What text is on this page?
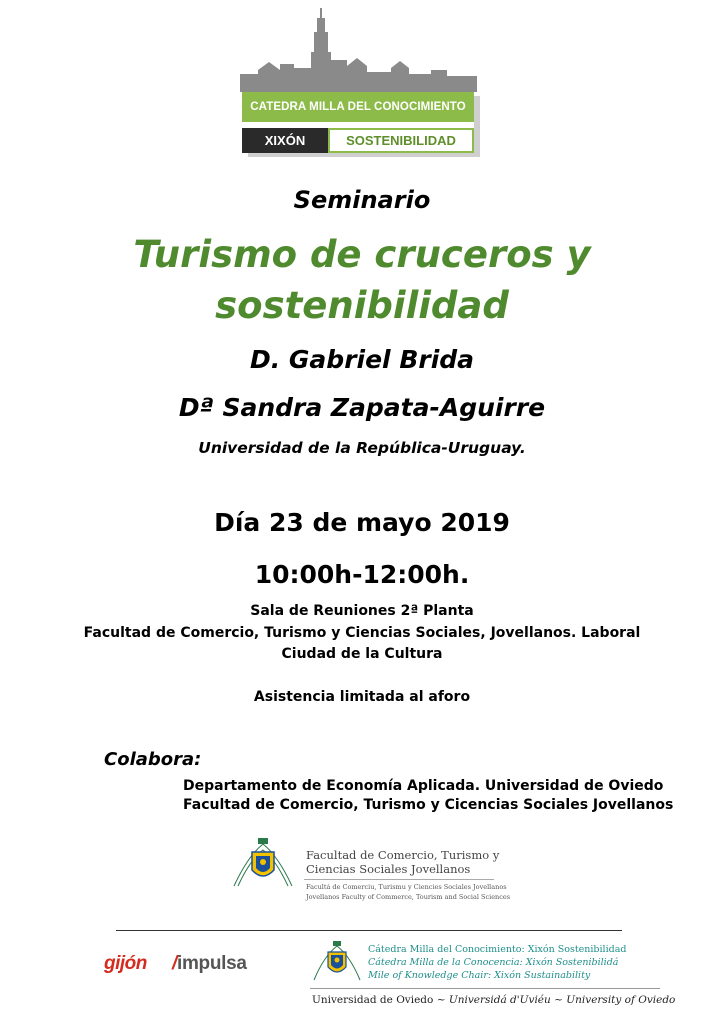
CATEDRA MILLA DEL CONOCIMIENTO
XIXÓN	SOSTENIBILIDAD
Seminario
Turismo de cruceros y
sostenibilidad
D. Gabriel Brida
Dª Sandra Zapata-Aguirre
Universidad de la República-Uruguay.
Día 23 de mayo 2019
10:00h-12:00h.
Sala de Reuniones 2ª Planta
Facultad de Comercio, Turismo y Ciencias Sociales, Jovellanos. Laboral
Ciudad de la Cultura
Asistencia limitada al aforo
Colabora:
Departamento de Economía Aplicada. Universidad de Oviedo
Facultad de Comercio, Turismo y Cicencias Sociales Jovellanos
Facultad de Comercio, Turismo y
Ciencias Sociales Jovellanos
Facultá de Comerciu, Turismu y Ciencies Sociales Jovellanos
Jovellanos Faculty of Commerce, Tourism and Social Sciences
gijón /impulsa
Cátedra Milla del Conocimiento: Xixón Sostenibilidad
Cátedra Milla de la Conocencia: Xixón Sostenibilidá
Mile of Knowledge Chair: Xixón Sustainability
Universidad de Oviedo ~ Universidá d'Uviéu ~ University of Oviedo
